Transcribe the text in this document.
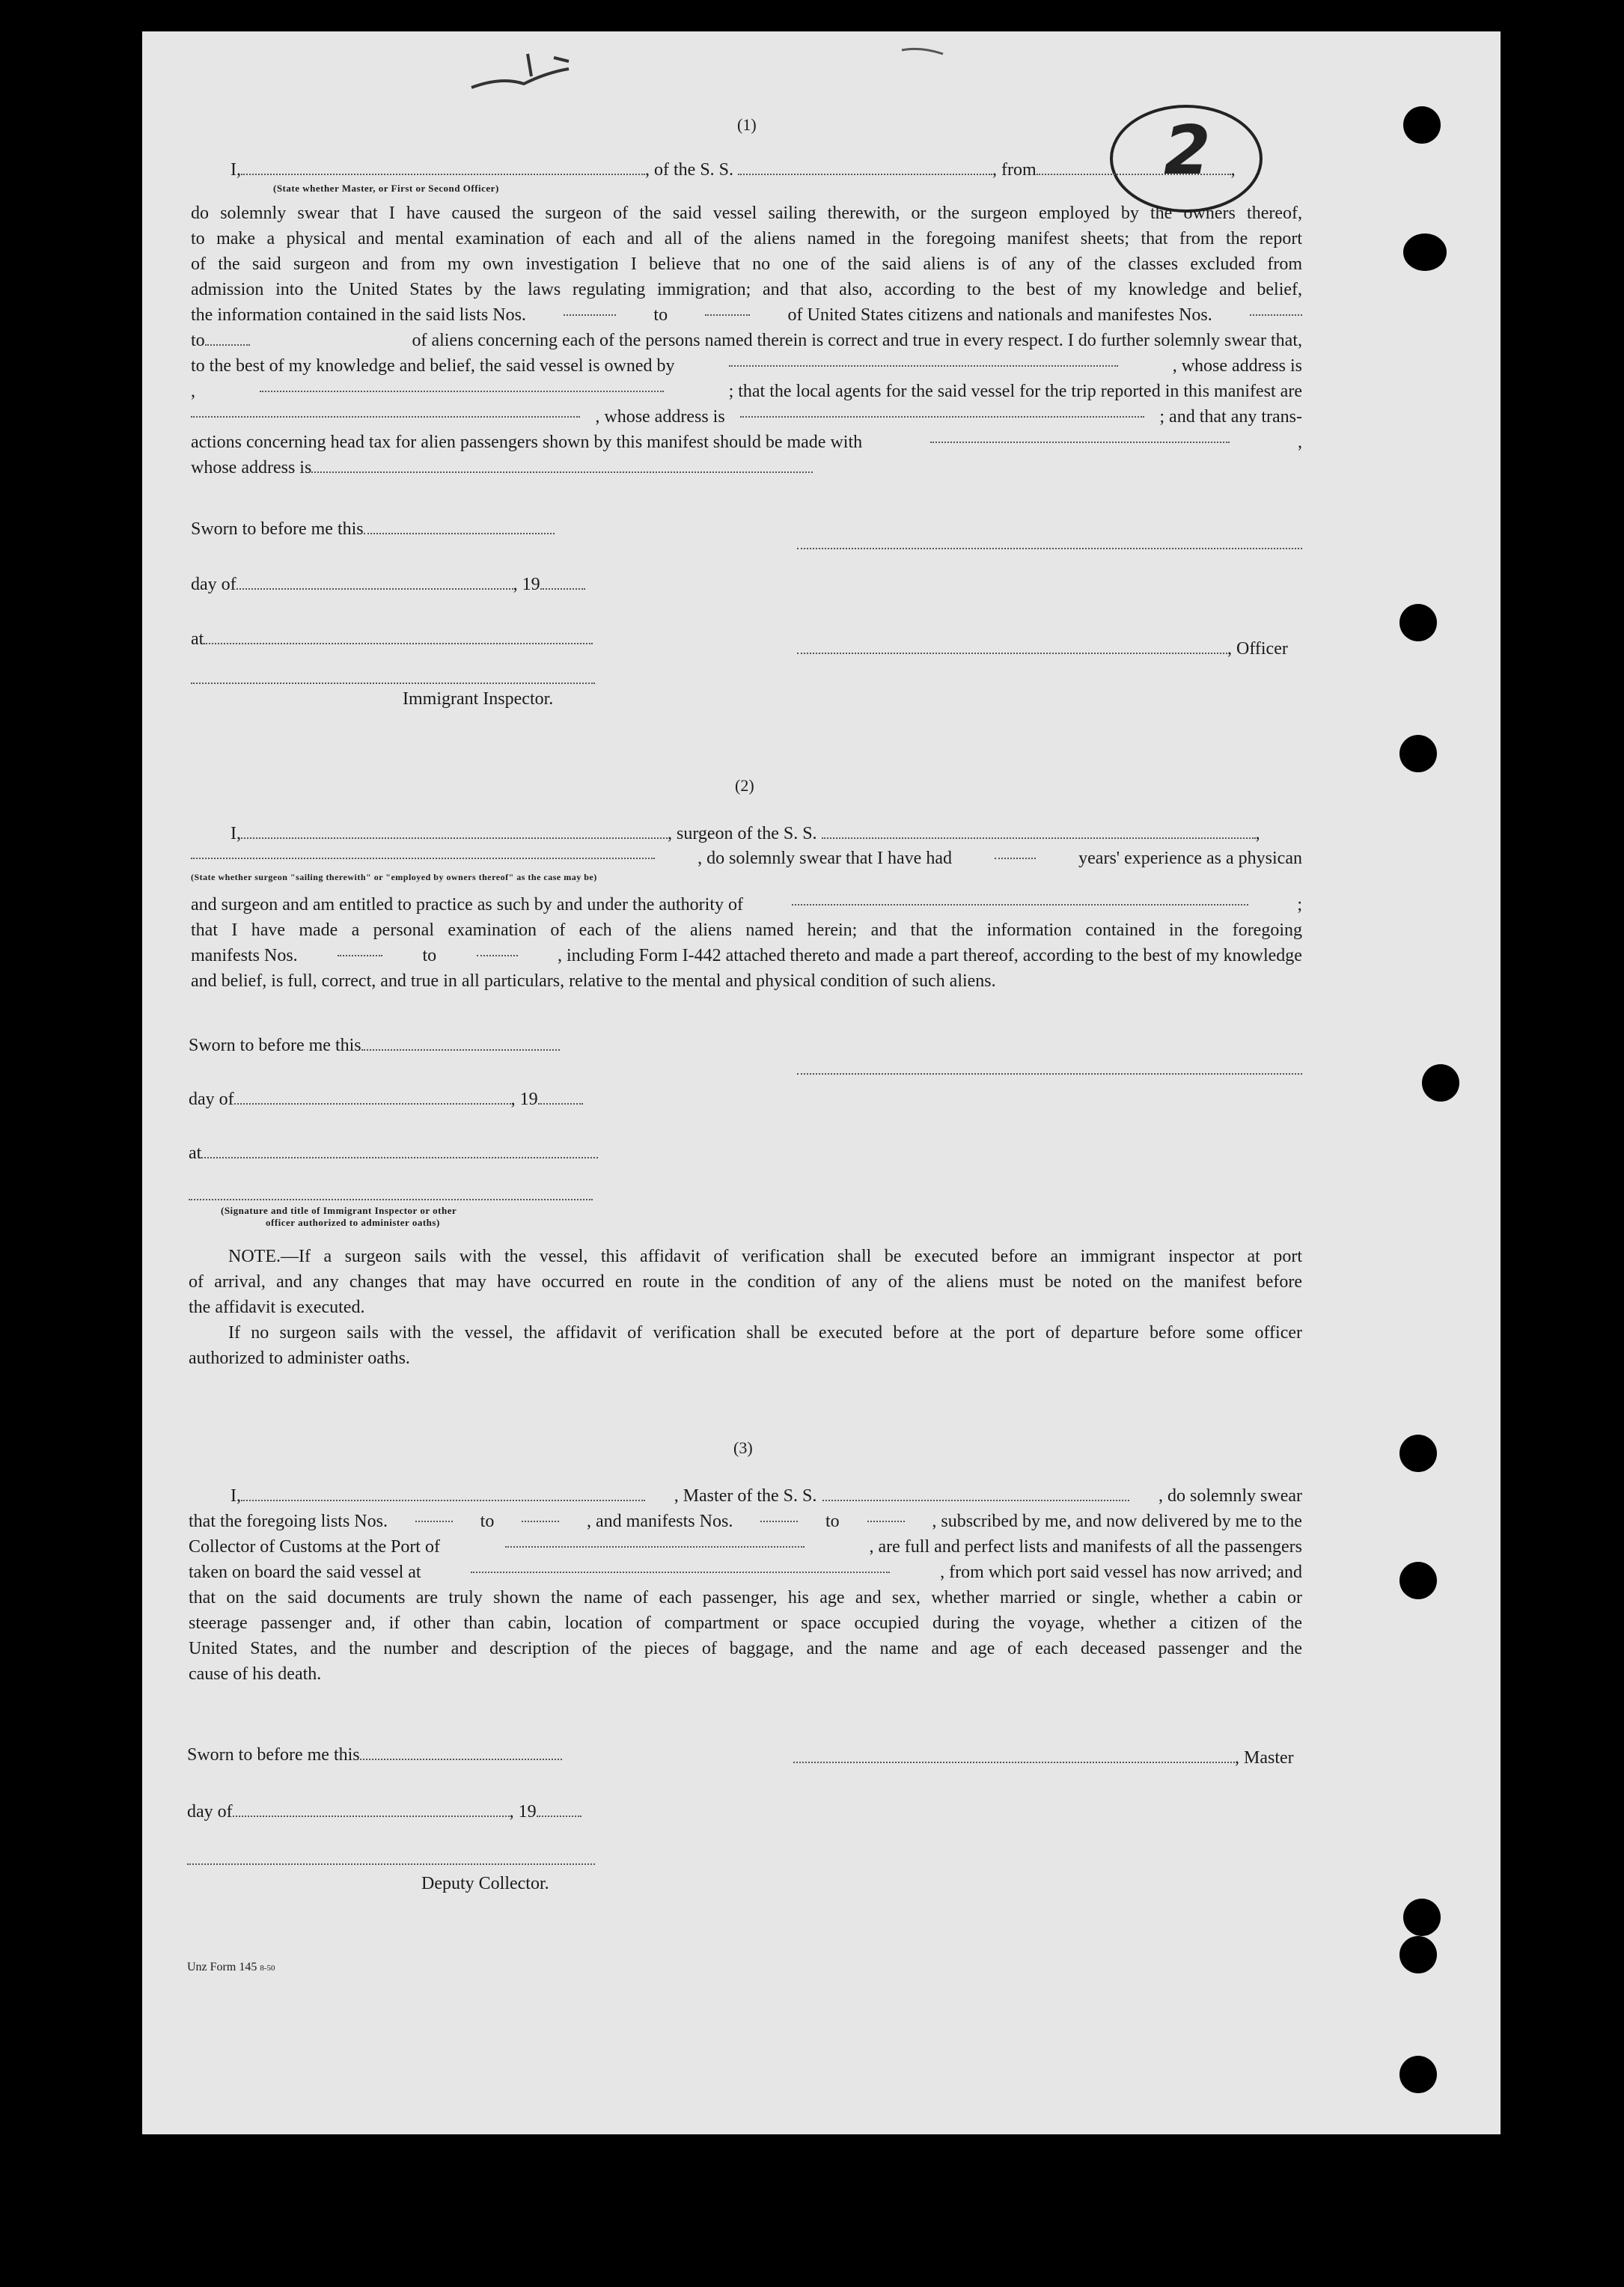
2
(1)
I,	, of the S. S.	, from	,
(State whether Master, or First or Second Officer)
do solemnly swear that I have caused the surgeon of the said vessel sailing therewith, or the surgeon employed by the owners thereof,
to make a physical and mental examination of each and all of the aliens named in the foregoing manifest sheets; that from the report
of the said surgeon and from my own investigation I believe that no one of the said aliens is of any of the classes excluded from
admission into the United States by the laws regulating immigration; and that also, according to the best of my knowledge and belief,
the information contained in the said lists Nos.	to	of United States citizens and nationals and manifestes Nos.
to	of aliens concerning each of the persons named therein is correct and true in every respect. I do further solemnly swear that,
to the best of my knowledge and belief, the said vessel is owned by	, whose address is
,	; that the local agents for the said vessel for the trip reported in this manifest are
, whose address is	; and that any trans-
actions concerning head tax for alien passengers shown by this manifest should be made with	,
whose address is
Sworn to before me this
day of	, 19
at	, Officer
Immigrant Inspector.
(2)
I,	, surgeon of the S. S.	,
, do solemnly swear that I have had	years' experience as a physican
(State whether surgeon "sailing therewith" or "employed by owners thereof" as the case may be)
and surgeon and am entitled to practice as such by and under the authority of	;
that I have made a personal examination of each of the aliens named herein; and that the information contained in the foregoing
manifests Nos.	to	, including Form I-442 attached thereto and made a part thereof, according to the best of my knowledge
and belief, is full, correct, and true in all particulars, relative to the mental and physical condition of such aliens.
Sworn to before me this
day of	, 19
at
(Signature and title of Immigrant Inspector or other
officer authorized to administer oaths)
NOTE.—If a surgeon sails with the vessel, this affidavit of verification shall be executed before an immigrant inspector at port
of arrival, and any changes that may have occurred en route in the condition of any of the aliens must be noted on the manifest before
the affidavit is executed.
If no surgeon sails with the vessel, the affidavit of verification shall be executed before at the port of departure before some officer
authorized to administer oaths.
(3)
I,	, Master of the S. S.	, do solemnly swear
that the foregoing lists Nos.	to	, and manifests Nos.	to	, subscribed by me, and now delivered by me to the
Collector of Customs at the Port of	, are full and perfect lists and manifests of all the passengers
taken on board the said vessel at	, from which port said vessel has now arrived; and
that on the said documents are truly shown the name of each passenger, his age and sex, whether married or single, whether a cabin or
steerage passenger and, if other than cabin, location of compartment or space occupied during the voyage, whether a citizen of the
United States, and the number and description of the pieces of baggage, and the name and age of each deceased passenger and the
cause of his death.
Sworn to before me this	, Master
day of	, 19
Deputy Collector.
Unz Form 145 8-50
